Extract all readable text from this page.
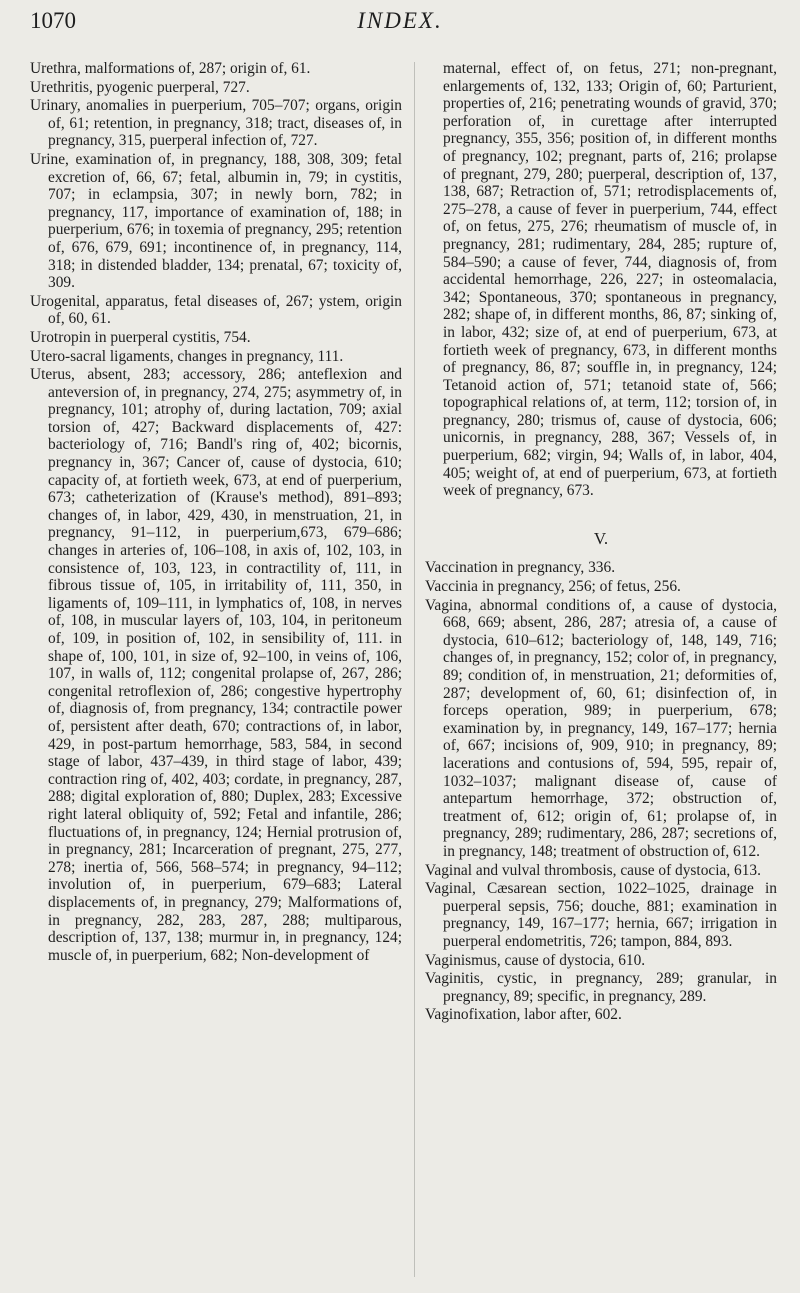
1070	INDEX.

Urethra, malformations of, 287; origin of, 61.

Urethritis, pyogenic puerperal, 727.

Urinary, anomalies in puerperium, 705–707; organs, origin of, 61; retention, in pregnancy, 318; tract, diseases of, in pregnancy, 315, puerperal infection of, 727.

Urine, examination of, in pregnancy, 188, 308, 309; fetal excretion of, 66, 67; fetal, albumin in, 79; in cystitis, 707; in eclampsia, 307; in newly born, 782; in pregnancy, 117, importance of examination of, 188; in puerperium, 676; in toxemia of pregnancy, 295; retention of, 676, 679, 691; incontinence of, in pregnancy, 114, 318; in distended bladder, 134; prenatal, 67; toxicity of, 309.

Urogenital, apparatus, fetal diseases of, 267; ystem, origin of, 60, 61.

Urotropin in puerperal cystitis, 754.

Utero-sacral ligaments, changes in pregnancy, 111.

Uterus, absent, 283; accessory, 286; anteflexion and anteversion of, in pregnancy, 274, 275; asymmetry of, in pregnancy, 101; atrophy of, during lactation, 709; axial torsion of, 427; Backward displacements of, 427: bacteriology of, 716; Bandl's ring of, 402; bicornis, pregnancy in, 367; Cancer of, cause of dystocia, 610; capacity of, at fortieth week, 673, at end of puerperium, 673; catheterization of (Krause's method), 891–893; changes of, in labor, 429, 430, in menstruation, 21, in pregnancy, 91–112, in puerperium,673, 679–686; changes in arteries of, 106–108, in axis of, 102, 103, in consistence of, 103, 123, in contractility of, 111, in fibrous tissue of, 105, in irritability of, 111, 350, in ligaments of, 109–111, in lymphatics of, 108, in nerves of, 108, in muscular layers of, 103, 104, in peritoneum of, 109, in position of, 102, in sensibility of, 111. in shape of, 100, 101, in size of, 92–100, in veins of, 106, 107, in walls of, 112; congenital prolapse of, 267, 286; congenital retroflexion of, 286; congestive hypertrophy of, diagnosis of, from pregnancy, 134; contractile power of, persistent after death, 670; contractions of, in labor, 429, in post-partum hemorrhage, 583, 584, in second stage of labor, 437–439, in third stage of labor, 439; contraction ring of, 402, 403; cordate, in pregnancy, 287, 288; digital exploration of, 880; Duplex, 283; Excessive right lateral obliquity of, 592; Fetal and infantile, 286; fluctuations of, in pregnancy, 124; Hernial protrusion of, in pregnancy, 281; Incarceration of pregnant, 275, 277, 278; inertia of, 566, 568–574; in pregnancy, 94–112; involution of, in puerperium, 679–683; Lateral displacements of, in pregnancy, 279; Malformations of, in pregnancy, 282, 283, 287, 288; multiparous, description of, 137, 138; murmur in, in pregnancy, 124; muscle of, in puerperium, 682; Non-development of

maternal, effect of, on fetus, 271; non-pregnant, enlargements of, 132, 133; Origin of, 60; Parturient, properties of, 216; penetrating wounds of gravid, 370; perforation of, in curettage after interrupted pregnancy, 355, 356; position of, in different months of pregnancy, 102; pregnant, parts of, 216; prolapse of pregnant, 279, 280; puerperal, description of, 137, 138, 687; Retraction of, 571; retrodisplacements of, 275–278, a cause of fever in puerperium, 744, effect of, on fetus, 275, 276; rheumatism of muscle of, in pregnancy, 281; rudimentary, 284, 285; rupture of, 584–590; a cause of fever, 744, diagnosis of, from accidental hemorrhage, 226, 227; in osteomalacia, 342; Spontaneous, 370; spontaneous in pregnancy, 282; shape of, in different months, 86, 87; sinking of, in labor, 432; size of, at end of puerperium, 673, at fortieth week of pregnancy, 673, in different months of pregnancy, 86, 87; souffle in, in pregnancy, 124; Tetanoid action of, 571; tetanoid state of, 566; topographical relations of, at term, 112; torsion of, in pregnancy, 280; trismus of, cause of dystocia, 606; unicornis, in pregnancy, 288, 367; Vessels of, in puerperium, 682; virgin, 94; Walls of, in labor, 404, 405; weight of, at end of puerperium, 673, at fortieth week of pregnancy, 673.

V.

Vaccination in pregnancy, 336.

Vaccinia in pregnancy, 256; of fetus, 256.

Vagina, abnormal conditions of, a cause of dystocia, 668, 669; absent, 286, 287; atresia of, a cause of dystocia, 610–612; bacteriology of, 148, 149, 716; changes of, in pregnancy, 152; color of, in pregnancy, 89; condition of, in menstruation, 21; deformities of, 287; development of, 60, 61; disinfection of, in forceps operation, 989; in puerperium, 678; examination by, in pregnancy, 149, 167–177; hernia of, 667; incisions of, 909, 910; in pregnancy, 89; lacerations and contusions of, 594, 595, repair of, 1032–1037; malignant disease of, cause of antepartum hemorrhage, 372; obstruction of, treatment of, 612; origin of, 61; prolapse of, in pregnancy, 289; rudimentary, 286, 287; secretions of, in pregnancy, 148; treatment of obstruction of, 612.

Vaginal and vulval thrombosis, cause of dystocia, 613.

Vaginal, Cæsarean section, 1022–1025, drainage in puerperal sepsis, 756; douche, 881; examination in pregnancy, 149, 167–177; hernia, 667; irrigation in puerperal endometritis, 726; tampon, 884, 893.

Vaginismus, cause of dystocia, 610.

Vaginitis, cystic, in pregnancy, 289; granular, in pregnancy, 89; specific, in pregnancy, 289.

Vaginofixation, labor after, 602.
